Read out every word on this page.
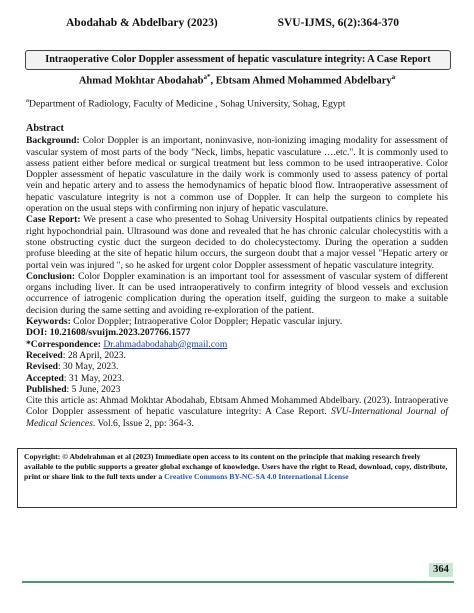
Abodahab & Abdelbary (2023)	SVU-IJMS, 6(2):364-370
Intraoperative Color Doppler assessment of hepatic vasculature integrity: A Case Report
Ahmad Mokhtar Abodahab$^{a*}$, Ebtsam Ahmed Mohammed Abdelbary$^a$
$^a$Department of Radiology, Faculty of Medicine , Sohag University, Sohag, Egypt

Abstract

Background: Color Doppler is an important, noninvasive, non-ionizing imaging modality for assessment of vascular system of most parts of the body "Neck, limbs, hepatic vasculature ….etc.". It is commonly used to assess patient either before medical or surgical treatment but less common to be used intraoperative. Color Doppler assessment of hepatic vasculature in the daily work is commonly used to assess patency of portal vein and hepatic artery and to assess the hemodynamics of hepatic blood flow. Intraoperative assessment of hepatic vasculature integrity is not a common use of Doppler. It can help the surgeon to complete his operation on the usual steps with confirming non injury of hepatic vasculature.

Case Report: We present a case who presented to Sohag University Hospital outpatients clinics by repeated right hypochondrial pain. Ultrasound was done and revealed that he has chronic calcular cholecystitis with a stone obstructing cystic duct the surgeon decided to do cholecystectomy. During the operation a sudden profuse bleeding at the site of hepatic hilum occurs, the surgeon doubt that a major vessel "Hepatic artery or portal vein was injured ", so he asked for urgent color Doppler assessment of hepatic vasculature integrity.

Conclusion: Color Doppler examination is an important tool for assessment of vascular system of different organs including liver. It can be used intraoperatively to confirm integrity of blood vessels and exclusion occurrence of iatrogenic complication during the operation itself, guiding the surgeon to make a suitable decision during the same setting and avoiding re-exploration of the patient.

Keywords: Color Doppler; Intraoperative Color Doppler; Hepatic vascular injury.

DOI: 10.21608/svuijm.2023.207766.1577

*Correspondence: Dr.ahmadabodahab@gmail.com

Received: 28 April, 2023.

Revised: 30 May, 2023.

Accepted: 31 May, 2023.

Published: 5 June, 2023

Cite this article as: Ahmad Mokhtar Abodahab, Ebtsam Ahmed Mohammed Abdelbary. (2023). Intraoperative Color Doppler assessment of hepatic vasculature integrity: A Case Report. SVU-International Journal of Medical Sciences. Vol.6, Issue 2, pp: 364-3.

Copyright: © Abdelrahman et al (2023) Immediate open access to its content on the principle that making research freely available to the public supports a greater global exchange of knowledge. Users have the right to Read, download, copy, distribute, print or share link to the full texts under a Creative Commons BY-NC-SA 4.0 International License
364
